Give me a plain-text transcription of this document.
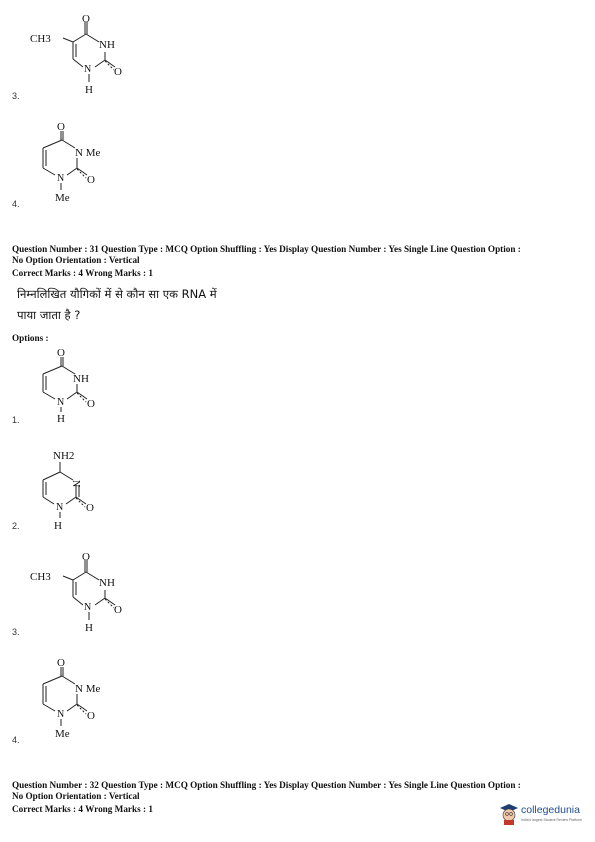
O
CH3	NH
N
H
O
3.
O
N Me
N
Me
O
4.
Question Number : 31 Question Type : MCQ Option Shuffling : Yes Display Question Number : Yes Single Line Question Option :
No Option Orientation : Vertical
Correct Marks : 4 Wrong Marks : 1
निम्नलिखित यौगिकों में से कौन सा एक RNA में
पाया जाता है ?
Options :
O
NH
N
H
O
1.
NH2
N
N
H
O
2.
O
CH3	NH
N
H
O
3.
O
N Me
N
Me
O
4.
Question Number : 32 Question Type : MCQ Option Shuffling : Yes Display Question Number : Yes Single Line Question Option :
No Option Orientation : Vertical
Correct Marks : 4 Wrong Marks : 1	collegedunia
India's largest Student Review Platform
